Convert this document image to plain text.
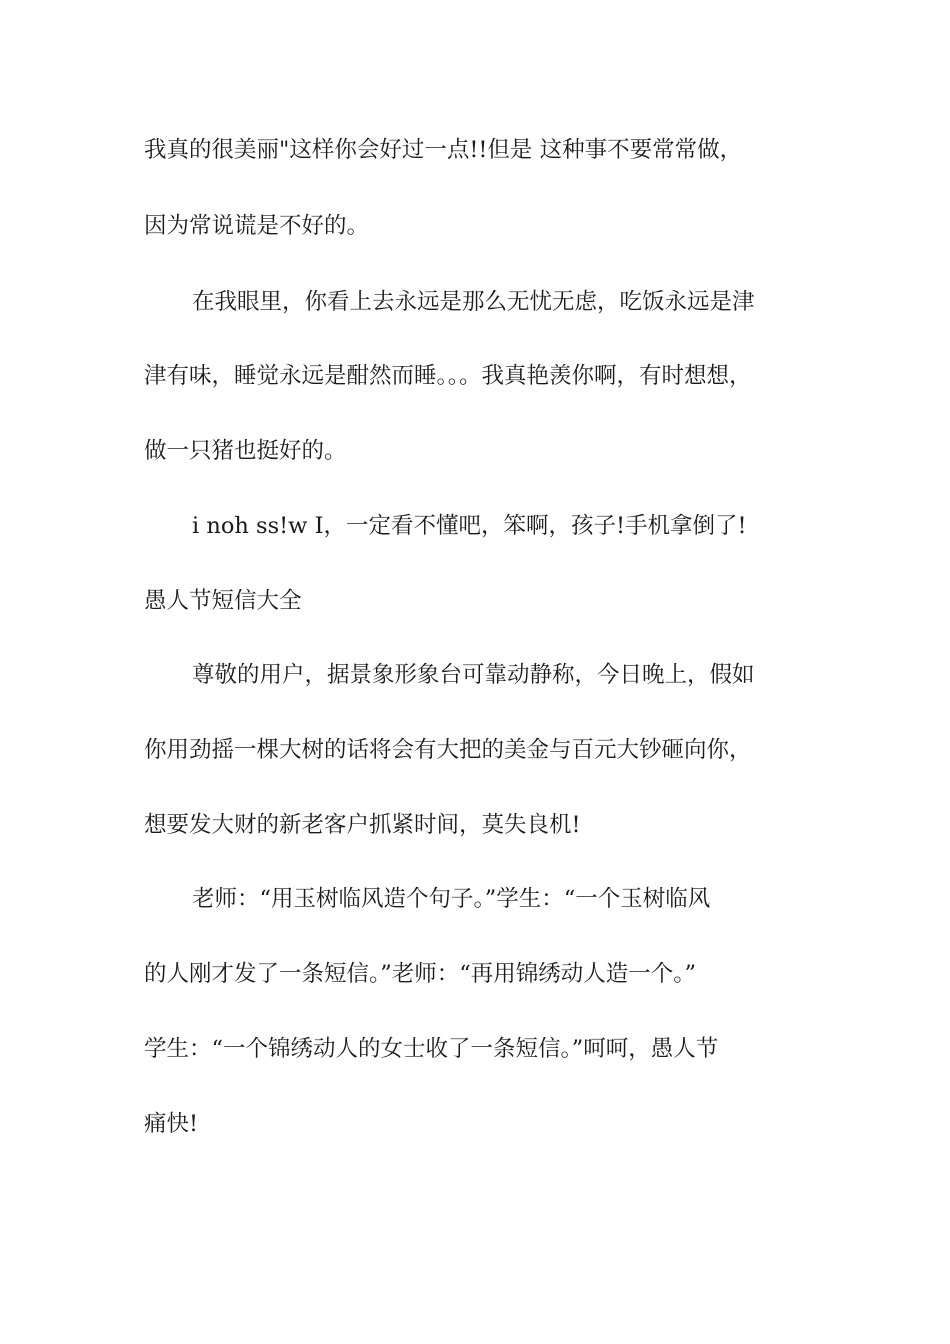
我真的很美丽"这样你会好过一点!!但是 这种事不要常常做，
因为常说谎是不好的。
在我眼里，你看上去永远是那么无忧无虑，吃饭永远是津
津有味，睡觉永远是酣然而睡。。。我真艳羡你啊，有时想想，
做一只猪也挺好的。
i noh ss!w I，一定看不懂吧，笨啊，孩子!手机拿倒了!
愚人节短信大全
尊敬的用户，据景象形象台可靠动静称，今日晚上，假如
你用劲摇一棵大树的话将会有大把的美金与百元大钞砸向你，
想要发大财的新老客户抓紧时间，莫失良机!
老师：“用玉树临风造个句子。”学生：“一个玉树临风
的人刚才发了一条短信。”老师：“再用锦绣动人造一个。”
学生：“一个锦绣动人的女士收了一条短信。”呵呵，愚人节
痛快!
